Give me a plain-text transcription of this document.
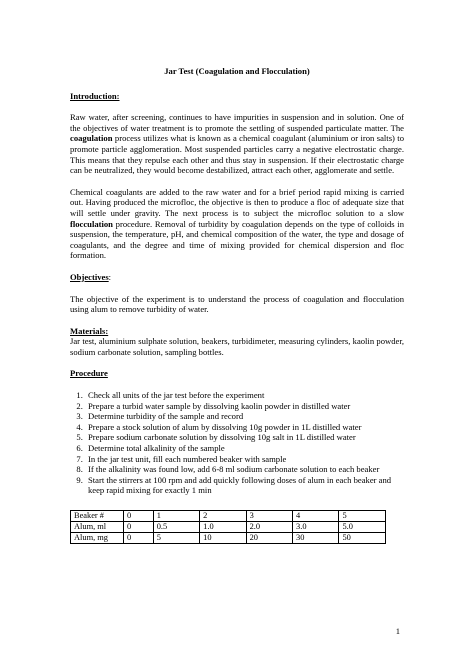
Jar Test (Coagulation and Flocculation)
Introduction:

Raw water, after screening, continues to have impurities in suspension and in solution. One of the objectives of water treatment is to promote the settling of suspended particulate matter. The coagulation process utilizes what is known as a chemical coagulant (aluminium or iron salts) to promote particle agglomeration. Most suspended particles carry a negative electrostatic charge. This means that they repulse each other and thus stay in suspension. If their electrostatic charge can be neutralized, they would become destabilized, attract each other, agglomerate and settle.

Chemical coagulants are added to the raw water and for a brief period rapid mixing is carried out. Having produced the microfloc, the objective is then to produce a floc of adequate size that will settle under gravity. The next process is to subject the microfloc solution to a slow flocculation procedure. Removal of turbidity by coagulation depends on the type of colloids in suspension, the temperature, pH, and chemical composition of the water, the type and dosage of coagulants, and the degree and time of mixing provided for chemical dispersion and floc formation.

Objectives:

The objective of the experiment is to understand the process of coagulation and flocculation using alum to remove turbidity of water.

Materials:

Jar test, aluminium sulphate solution, beakers, turbidimeter, measuring cylinders, kaolin powder, sodium carbonate solution, sampling bottles.

Procedure
1. Check all units of the jar test before the experiment
2. Prepare a turbid water sample by dissolving kaolin powder in distilled water
3. Determine turbidity of the sample and record
4. Prepare a stock solution of alum by dissolving 10g powder in 1L distilled water
5. Prepare sodium carbonate solution by dissolving 10g salt in 1L distilled water
6. Determine total alkalinity of the sample
7. In the jar test unit, fill each numbered beaker with sample
8. If the alkalinity was found low, add 6-8 ml sodium carbonate solution to each beaker
9. Start the stirrers at 100 rpm and add quickly following doses of alum in each beaker and keep rapid mixing for exactly 1 min
Beaker #	0	1	2	3	4	5
Alum, ml	0	0.5	1.0	2.0	3.0	5.0
Alum, mg	0	5	10	20	30	50
1
